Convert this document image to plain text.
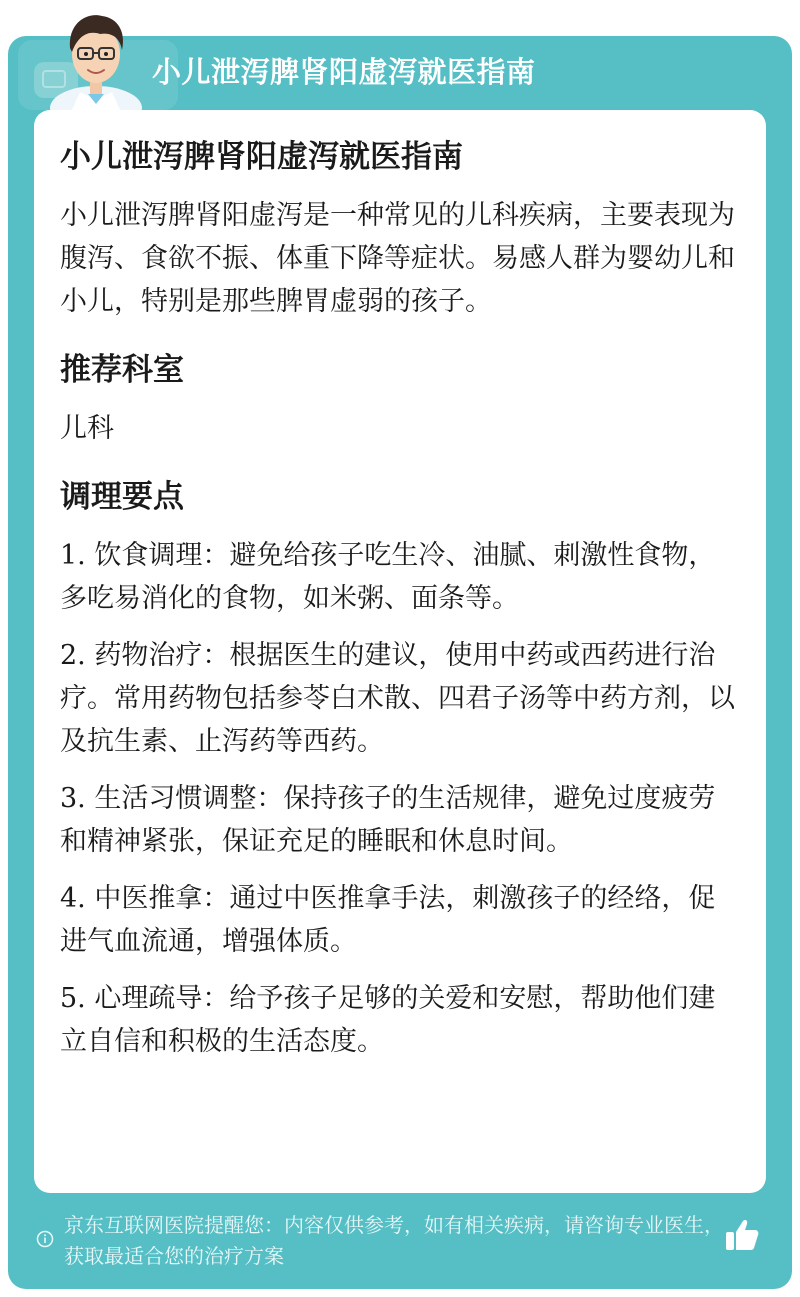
小儿泄泻脾肾阳虚泻就医指南
小儿泄泻脾肾阳虚泻就医指南

小儿泄泻脾肾阳虚泻是一种常见的儿科疾病，主要表现为腹泻、食欲不振、体重下降等症状。易感人群为婴幼儿和小儿，特别是那些脾胃虚弱的孩子。

推荐科室

儿科

调理要点

1. 饮食调理：避免给孩子吃生冷、油腻、刺激性食物，多吃易消化的食物，如米粥、面条等。

2. 药物治疗：根据医生的建议，使用中药或西药进行治疗。常用药物包括参苓白术散、四君子汤等中药方剂，以及抗生素、止泻药等西药。

3. 生活习惯调整：保持孩子的生活规律，避免过度疲劳和精神紧张，保证充足的睡眠和休息时间。

4. 中医推拿：通过中医推拿手法，刺激孩子的经络，促进气血流通，增强体质。

5. 心理疏导：给予孩子足够的关爱和安慰，帮助他们建立自信和积极的生活态度。

京东互联网医院提醒您：内容仅供参考，如有相关疾病，请咨询专业医生，获取最适合您的治疗方案
